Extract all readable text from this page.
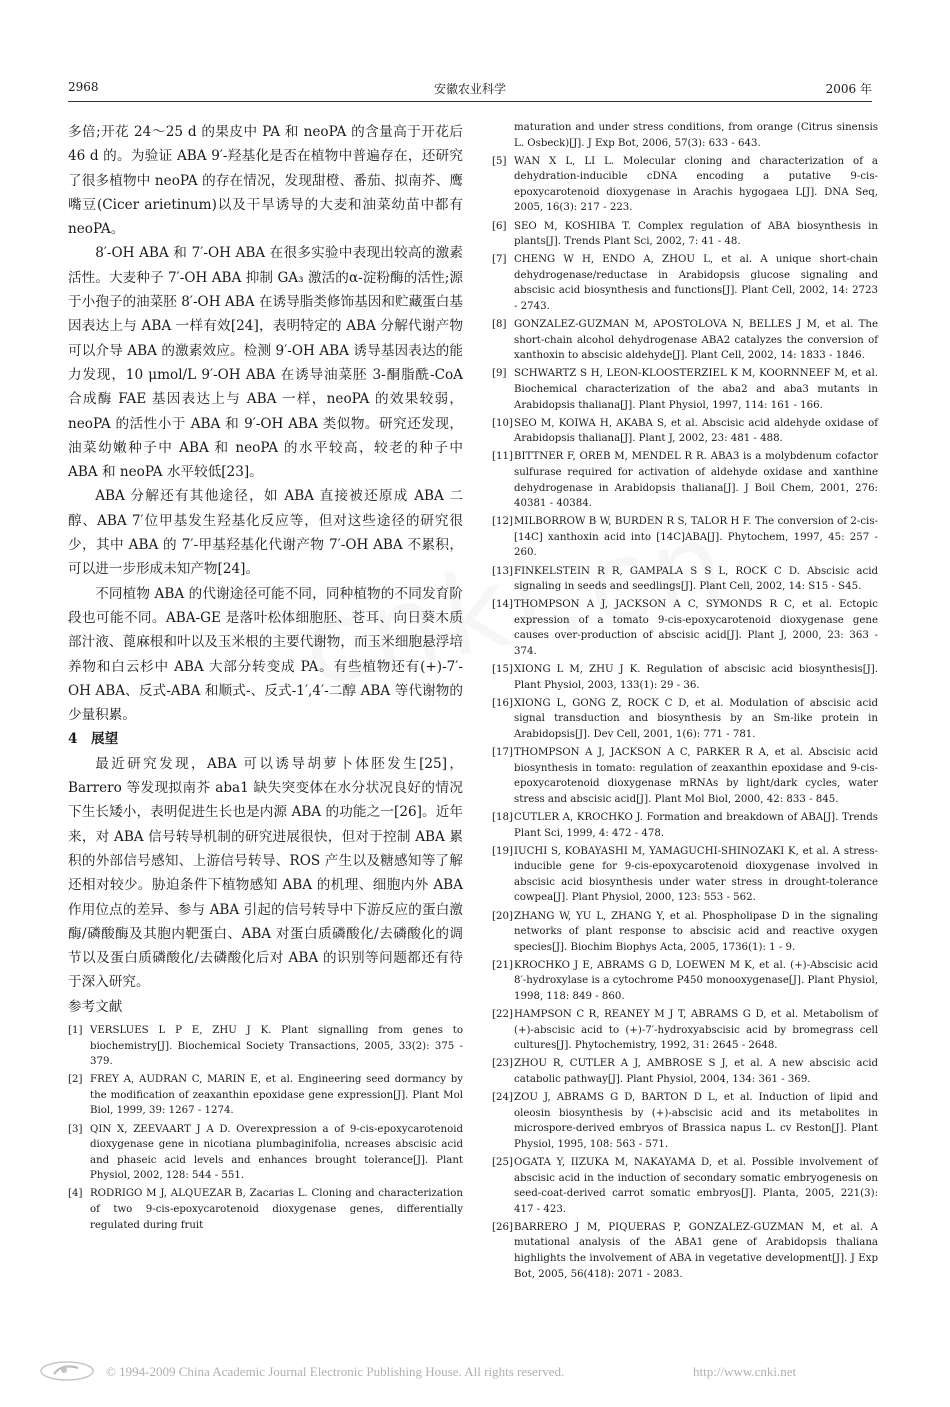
2968	安徽农业科学	2006 年

多倍;开花 24～25 d 的果皮中 PA 和 neoPA 的含量高于开花后 46 d 的。为验证 ABA 9′-羟基化是否在植物中普遍存在，还研究了很多植物中 neoPA 的存在情况，发现甜橙、番茄、拟南芥、鹰嘴豆(Cicer arietinum)以及干旱诱导的大麦和油菜幼苗中都有 neoPA。

8′-OH ABA 和 7′-OH ABA 在很多实验中表现出较高的激素活性。大麦种子 7′-OH ABA 抑制 GA₃ 激活的α-淀粉酶的活性;源于小孢子的油菜胚 8′-OH ABA 在诱导脂类修饰基因和贮藏蛋白基因表达上与 ABA 一样有效[24]，表明特定的 ABA 分解代谢产物可以介导 ABA 的激素效应。检测 9′-OH ABA 诱导基因表达的能力发现，10 μmol/L 9′-OH ABA 在诱导油菜胚 3-酮脂酰-CoA 合成酶 FAE 基因表达上与 ABA 一样，neoPA 的效果较弱，neoPA 的活性小于 ABA 和 9′-OH ABA 类似物。研究还发现，油菜幼嫩种子中 ABA 和 neoPA 的水平较高，较老的种子中 ABA 和 neoPA 水平较低[23]。

ABA 分解还有其他途径，如 ABA 直接被还原成 ABA 二醇、ABA 7′位甲基发生羟基化反应等，但对这些途径的研究很少，其中 ABA 的 7′-甲基羟基化代谢产物 7′-OH ABA 不累积，可以进一步形成未知产物[24]。

不同植物 ABA 的代谢途径可能不同，同种植物的不同发育阶段也可能不同。ABA-GE 是落叶松体细胞胚、苍耳、向日葵木质部汁液、蓖麻根和叶以及玉米根的主要代谢物，而玉米细胞悬浮培养物和白云杉中 ABA 大部分转变成 PA。有些植物还有(+)-7′-OH ABA、反式-ABA 和顺式-、反式-1′,4′-二醇 ABA 等代谢物的少量积累。

4　展望

最近研究发现，ABA 可以诱导胡萝卜体胚发生[25]，Barrero 等发现拟南芥 aba1 缺失突变体在水分状况良好的情况下生长矮小，表明促进生长也是内源 ABA 的功能之一[26]。近年来，对 ABA 信号转导机制的研究进展很快，但对于控制 ABA 累积的外部信号感知、上游信号转导、ROS 产生以及糖感知等了解还相对较少。胁迫条件下植物感知 ABA 的机理、细胞内外 ABA 作用位点的差异、参与 ABA 引起的信号转导中下游反应的蛋白激酶/磷酸酶及其胞内靶蛋白、ABA 对蛋白质磷酸化/去磷酸化的调节以及蛋白质磷酸化/去磷酸化后对 ABA 的识别等问题都还有待于深入研究。

参考文献
[1] VERSLUES L P E, ZHU J K. Plant signalling from genes to biochemistry[J]. Biochemical Society Transactions, 2005, 33(2): 375 - 379.
[2] FREY A, AUDRAN C, MARIN E, et al. Engineering seed dormancy by the modification of zeaxanthin epoxidase gene expression[J]. Plant Mol Biol, 1999, 39: 1267 - 1274.
[3] QIN X, ZEEVAART J A D. Overexpression a of 9-cis-epoxycarotenoid dioxygenase gene in nicotiana plumbaginifolia, ncreases abscisic acid and phaseic acid levels and enhances brought tolerance[J]. Plant Physiol, 2002, 128: 544 - 551.
[4] RODRIGO M J, ALQUEZAR B, Zacarias L. Cloning and characterization of two 9-cis-epoxycarotenoid dioxygenase genes, differentially regulated during fruit
maturation and under stress conditions, from orange (Citrus sinensis L. Osbeck)[J]. J Exp Bot, 2006, 57(3): 633 - 643.
[5] WAN X L, LI L. Molecular cloning and characterization of a dehydration-inducible cDNA encoding a putative 9-cis-epoxycarotenoid dioxygenase in Arachis hygogaea L[J]. DNA Seq, 2005, 16(3): 217 - 223.
[6] SEO M, KOSHIBA T. Complex regulation of ABA biosynthesis in plants[J]. Trends Plant Sci, 2002, 7: 41 - 48.
[7] CHENG W H, ENDO A, ZHOU L, et al. A unique short-chain dehydrogenase/reductase in Arabidopsis glucose signaling and abscisic acid biosynthesis and functions[J]. Plant Cell, 2002, 14: 2723 - 2743.
[8] GONZALEZ-GUZMAN M, APOSTOLOVA N, BELLES J M, et al. The short-chain alcohol dehydrogenase ABA2 catalyzes the conversion of xanthoxin to abscisic aldehyde[J]. Plant Cell, 2002, 14: 1833 - 1846.
[9] SCHWARTZ S H, LEON-KLOOSTERZIEL K M, KOORNNEEF M, et al. Biochemical characterization of the aba2 and aba3 mutants in Arabidopsis thaliana[J]. Plant Physiol, 1997, 114: 161 - 166.
[10] SEO M, KOIWA H, AKABA S, et al. Abscisic acid aldehyde oxidase of Arabidopsis thaliana[J]. Plant J, 2002, 23: 481 - 488.
[11] BITTNER F, OREB M, MENDEL R R. ABA3 is a molybdenum cofactor sulfurase required for activation of aldehyde oxidase and xanthine dehydrogenase in Arabidopsis thaliana[J]. J Boil Chem, 2001, 276: 40381 - 40384.
[12] MILBORROW B W, BURDEN R S, TALOR H F. The conversion of 2-cis-[14C] xanthoxin acid into [14C]ABA[J]. Phytochem, 1997, 45: 257 - 260.
[13] FINKELSTEIN R R, GAMPALA S S L, ROCK C D. Abscisic acid signaling in seeds and seedlings[J]. Plant Cell, 2002, 14: S15 - S45.
[14] THOMPSON A J, JACKSON A C, SYMONDS R C, et al. Ectopic expression of a tomato 9-cis-epoxycarotenoid dioxygenase gene causes over-production of abscisic acid[J]. Plant J, 2000, 23: 363 - 374.
[15] XIONG L M, ZHU J K. Regulation of abscisic acid biosynthesis[J]. Plant Physiol, 2003, 133(1): 29 - 36.
[16] XIONG L, GONG Z, ROCK C D, et al. Modulation of abscisic acid signal transduction and biosynthesis by an Sm-like protein in Arabidopsis[J]. Dev Cell, 2001, 1(6): 771 - 781.
[17] THOMPSON A J, JACKSON A C, PARKER R A, et al. Abscisic acid biosynthesis in tomato: regulation of zeaxanthin epoxidase and 9-cis-epoxycarotenoid dioxygenase mRNAs by light/dark cycles, water stress and abscisic acid[J]. Plant Mol Biol, 2000, 42: 833 - 845.
[18] CUTLER A, KROCHKO J. Formation and breakdown of ABA[J]. Trends Plant Sci, 1999, 4: 472 - 478.
[19] IUCHI S, KOBAYASHI M, YAMAGUCHI-SHINOZAKI K, et al. A stress-inducible gene for 9-cis-epoxycarotenoid dioxygenase involved in abscisic acid biosynthesis under water stress in drought-tolerance cowpea[J]. Plant Physiol, 2000, 123: 553 - 562.
[20] ZHANG W, YU L, ZHANG Y, et al. Phospholipase D in the signaling networks of plant response to abscisic acid and reactive oxygen species[J]. Biochim Biophys Acta, 2005, 1736(1): 1 - 9.
[21] KROCHKO J E, ABRAMS G D, LOEWEN M K, et al. (+)-Abscisic acid 8′-hydroxylase is a cytochrome P450 monooxygenase[J]. Plant Physiol, 1998, 118: 849 - 860.
[22] HAMPSON C R, REANEY M J T, ABRAMS G D, et al. Metabolism of (+)-abscisic acid to (+)-7′-hydroxyabscisic acid by bromegrass cell cultures[J]. Phytochemistry, 1992, 31: 2645 - 2648.
[23] ZHOU R, CUTLER A J, AMBROSE S J, et al. A new abscisic acid catabolic pathway[J]. Plant Physiol, 2004, 134: 361 - 369.
[24] ZOU J, ABRAMS G D, BARTON D L, et al. Induction of lipid and oleosin biosynthesis by (+)-abscisic acid and its metabolites in microspore-derived embryos of Brassica napus L. cv Reston[J]. Plant Physiol, 1995, 108: 563 - 571.
[25] OGATA Y, IIZUKA M, NAKAYAMA D, et al. Possible involvement of abscisic acid in the induction of secondary somatic embryogenesis on seed-coat-derived carrot somatic embryos[J]. Planta, 2005, 221(3): 417 - 423.
[26] BARRERO J M, PIQUERAS P, GONZALEZ-GUZMAN M, et al. A mutational analysis of the ABA1 gene of Arabidopsis thaliana highlights the involvement of ABA in vegetative development[J]. J Exp Bot, 2005, 56(418): 2071 - 2083.
© 1994-2009 China Academic Journal Electronic Publishing House. All rights reserved.	http://www.cnki.net
